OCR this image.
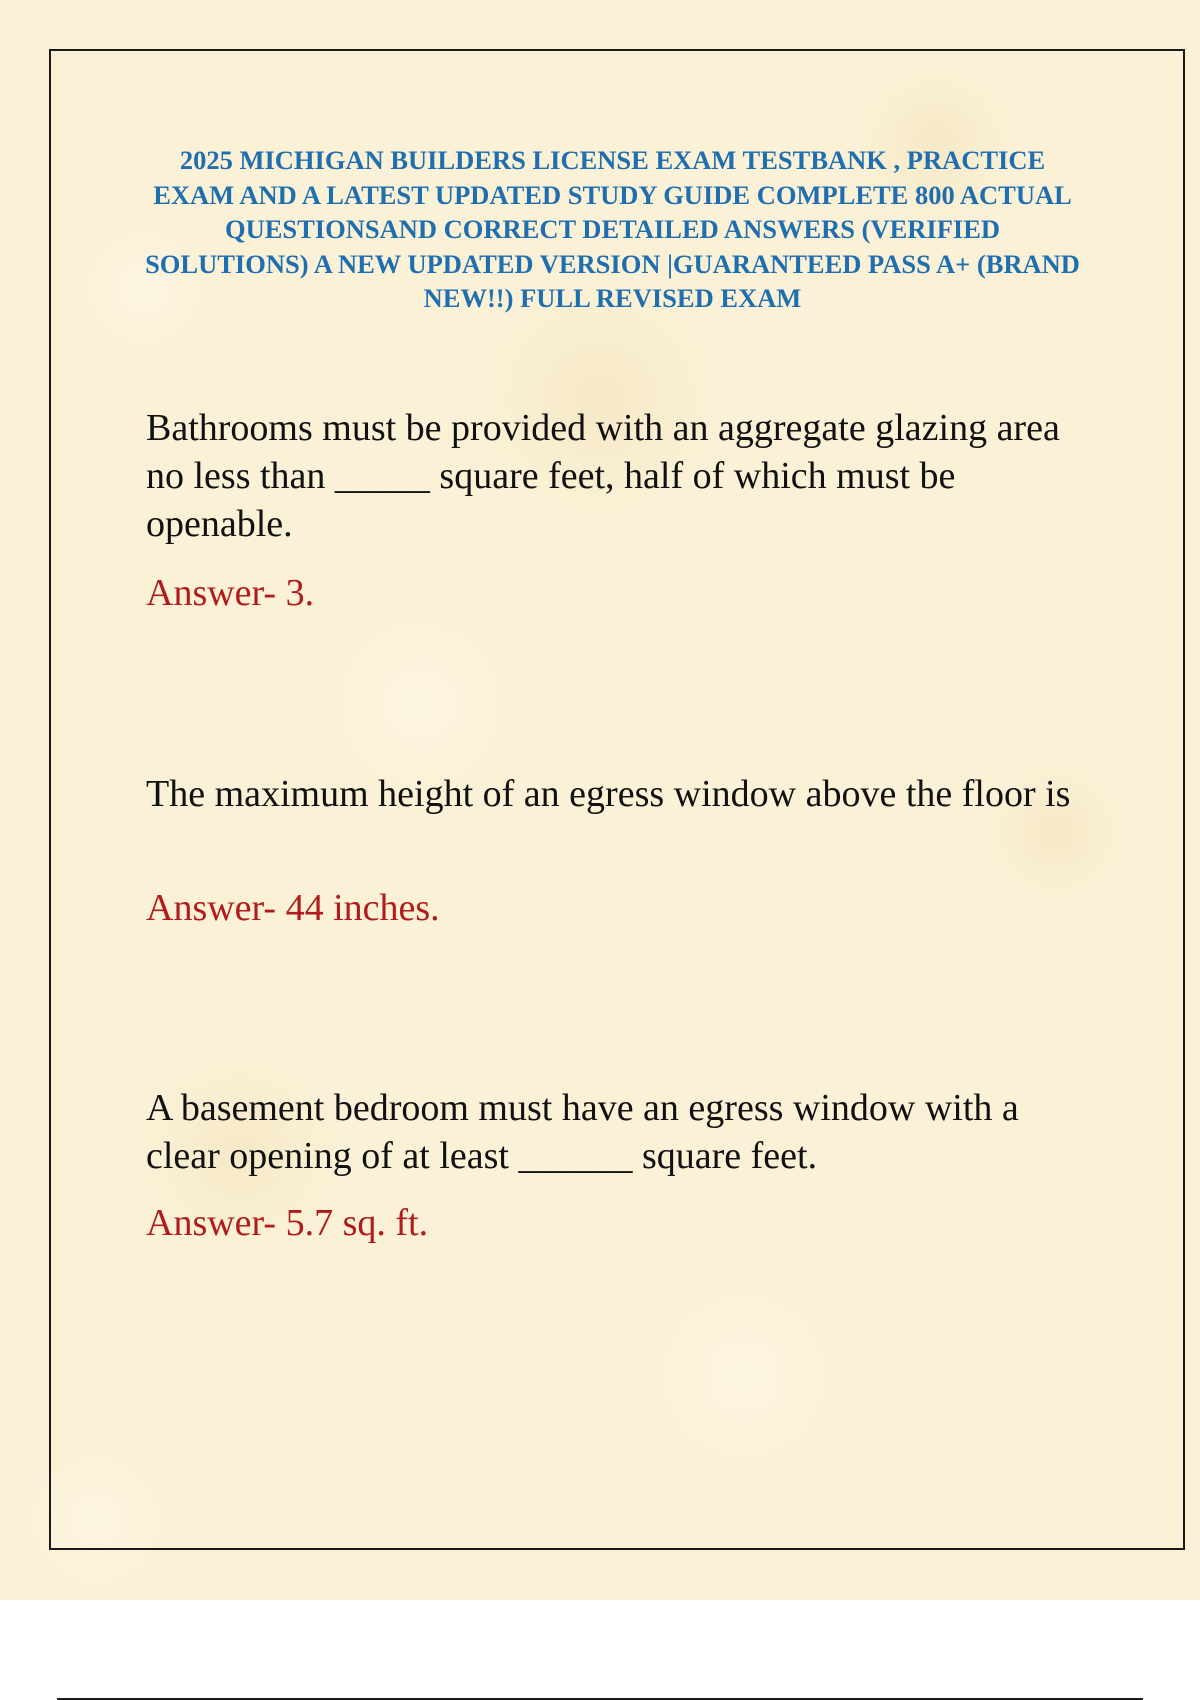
2025 MICHIGAN BUILDERS LICENSE EXAM TESTBANK , PRACTICE EXAM AND A LATEST UPDATED STUDY GUIDE COMPLETE 800 ACTUAL QUESTIONSAND CORRECT DETAILED ANSWERS (VERIFIED SOLUTIONS) A NEW UPDATED VERSION |GUARANTEED PASS A+ (BRAND NEW!!) FULL REVISED EXAM

Bathrooms must be provided with an aggregate glazing area no less than _____ square feet, half of which must be openable.

Answer- 3.

The maximum height of an egress window above the floor is

Answer- 44 inches.

A basement bedroom must have an egress window with a clear opening of at least ______ square feet.

Answer- 5.7 sq. ft.
